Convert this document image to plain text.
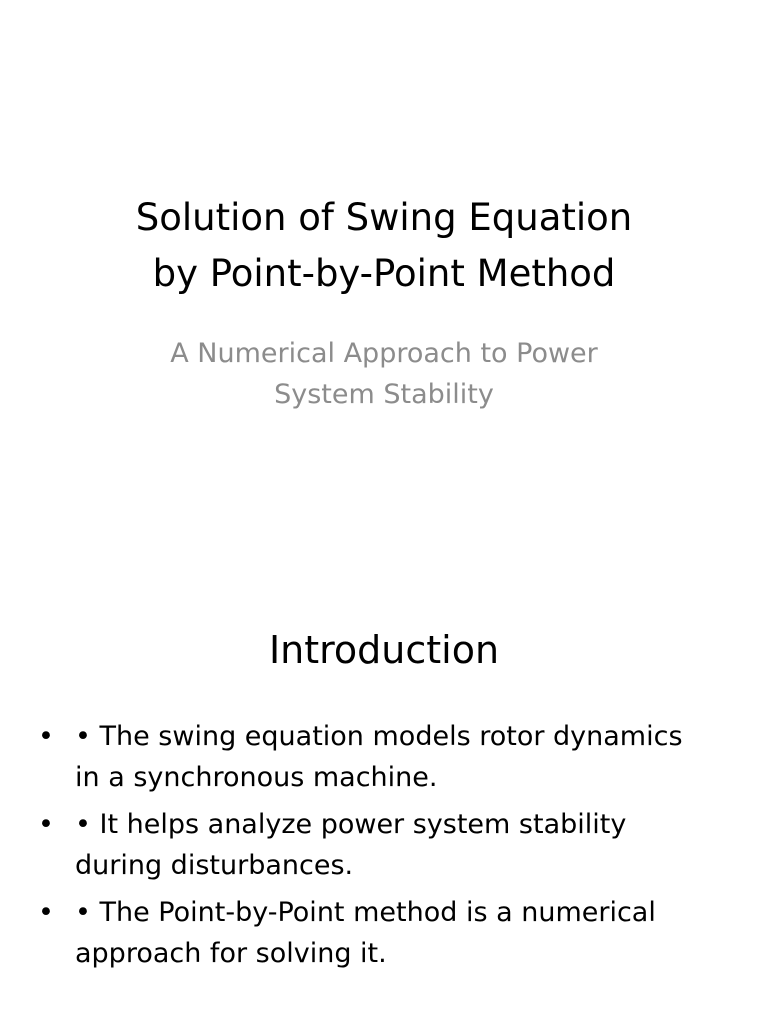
Solution of Swing Equation
by Point-by-Point Method

A Numerical Approach to Power
System Stability

Introduction
• • The swing equation models rotor dynamics
in a synchronous machine.
• • It helps analyze power system stability
during disturbances.
• • The Point-by-Point method is a numerical
approach for solving it.
